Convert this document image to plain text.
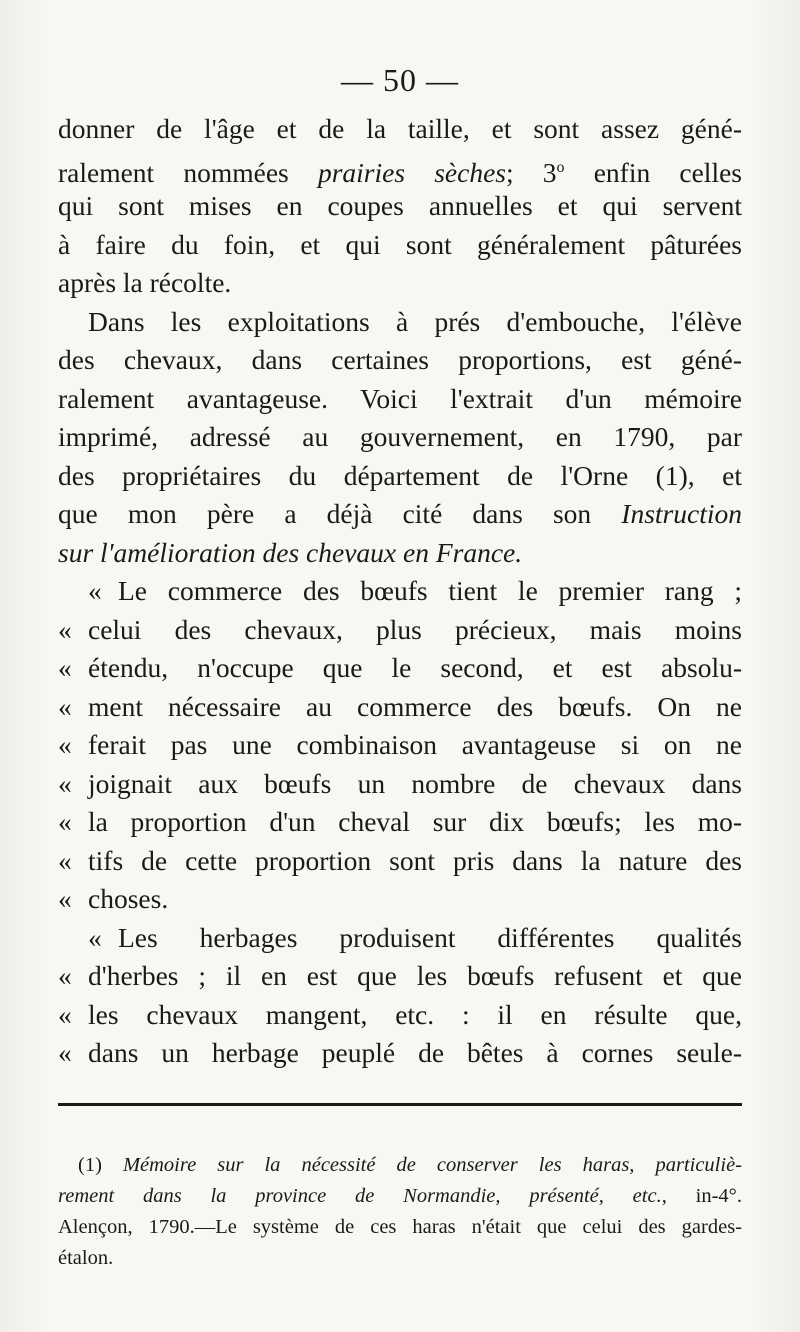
— 50 —
donner de l'âge et de la taille, et sont assez géné-
ralement nommées prairies sèches; 3$^o$ enfin celles
qui sont mises en coupes annuelles et qui servent
à faire du foin, et qui sont généralement pâturées
après la récolte.
Dans les exploitations à prés d'embouche, l'élève
des chevaux, dans certaines proportions, est géné-
ralement avantageuse. Voici l'extrait d'un mémoire
imprimé, adressé au gouvernement, en 1790, par
des propriétaires du département de l'Orne (1), et
que mon père a déjà cité dans son Instruction
sur l'amélioration des chevaux en France.
« Le commerce des bœufs tient le premier rang ;
« celui des chevaux, plus précieux, mais moins
« étendu, n'occupe que le second, et est absolu-
« ment nécessaire au commerce des bœufs. On ne
« ferait pas une combinaison avantageuse si on ne
« joignait aux bœufs un nombre de chevaux dans
« la proportion d'un cheval sur dix bœufs; les mo-
« tifs de cette proportion sont pris dans la nature des
« choses.
« Les herbages produisent différentes qualités
« d'herbes ; il en est que les bœufs refusent et que
« les chevaux mangent, etc. : il en résulte que,
« dans un herbage peuplé de bêtes à cornes seule-
(1) Mémoire sur la nécessité de conserver les haras, particuliè-
rement dans la province de Normandie, présenté, etc., in-4°.
Alençon, 1790.—Le système de ces haras n'était que celui des gardes-
étalon.
